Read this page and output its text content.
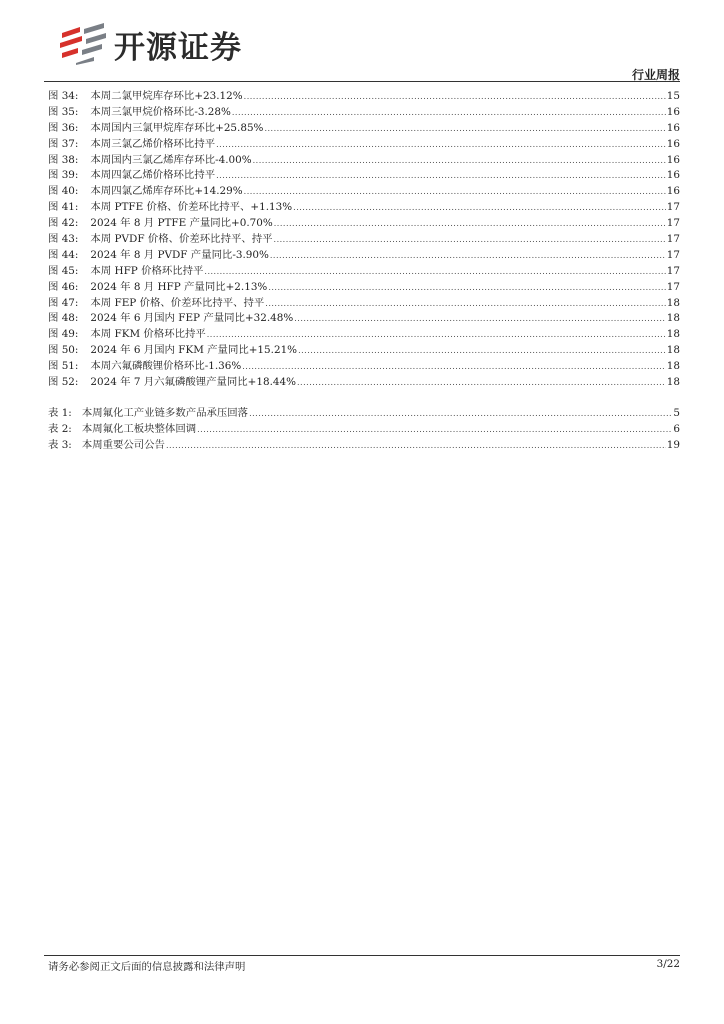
开源证券
行业周报
图 34: 本周二氯甲烷库存环比+23.12% .....	15
图 35: 本周三氯甲烷价格环比-3.28% .....	16
图 36: 本周国内三氯甲烷库存环比+25.85% .....	16
图 37: 本周三氯乙烯价格环比持平 .....	16
图 38: 本周国内三氯乙烯库存环比-4.00% .....	16
图 39: 本周四氯乙烯价格环比持平 .....	16
图 40: 本周四氯乙烯库存环比+14.29% .....	16
图 41: 本周 PTFE 价格、价差环比持平、+1.13% .....	17
图 42: 2024 年 8 月 PTFE 产量同比+0.70% .....	17
图 43: 本周 PVDF 价格、价差环比持平、持平 .....	17
图 44: 2024 年 8 月 PVDF 产量同比-3.90% .....	17
图 45: 本周 HFP 价格环比持平 .....	17
图 46: 2024 年 8 月 HFP 产量同比+2.13% .....	17
图 47: 本周 FEP 价格、价差环比持平、持平 .....	18
图 48: 2024 年 6 月国内 FEP 产量同比+32.48% .....	18
图 49: 本周 FKM 价格环比持平 .....	18
图 50: 2024 年 6 月国内 FKM 产量同比+15.21% .....	18
图 51: 本周六氟磷酸锂价格环比-1.36% .....	18
图 52: 2024 年 7 月六氟磷酸锂产量同比+18.44% .....	18
表 1: 本周氟化工产业链多数产品承压回落 .....	5
表 2: 本周氟化工板块整体回调 .....	6
表 3: 本周重要公司公告 .....	19
请务必参阅正文后面的信息披露和法律声明	3/22
